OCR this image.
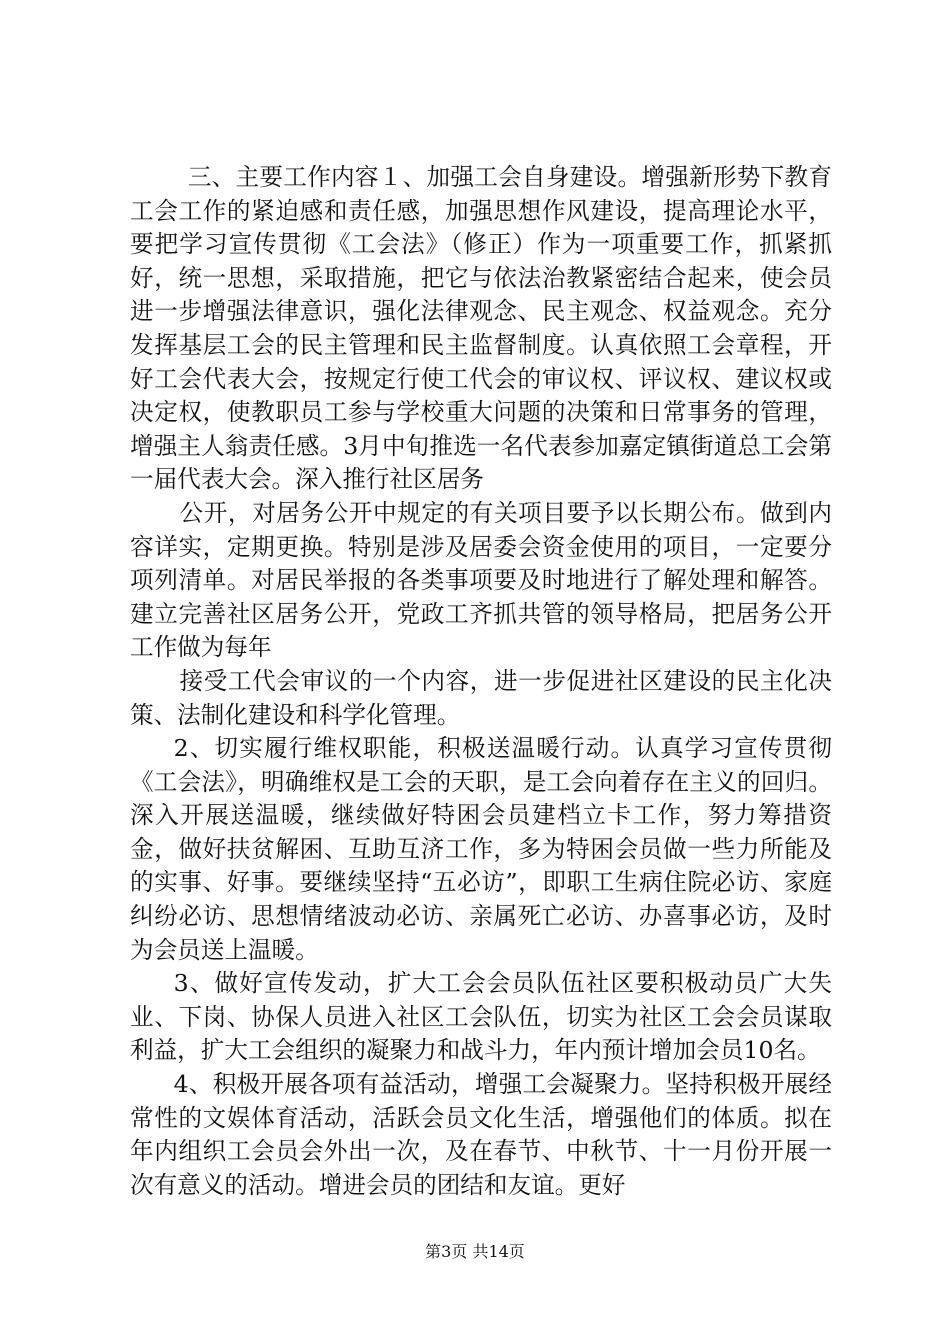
三、主要工作内容１、加强工会自身建设。增强新形势下教育工会工作的紧迫感和责任感，加强思想作风建设，提高理论水平，要把学习宣传贯彻《工会法》（修正）作为一项重要工作，抓紧抓好，统一思想，采取措施，把它与依法治教紧密结合起来，使会员进一步增强法律意识，强化法律观念、民主观念、权益观念。充分发挥基层工会的民主管理和民主监督制度。认真依照工会章程，开好工会代表大会，按规定行使工代会的审议权、评议权、建议权或决定权，使教职员工参与学校重大问题的决策和日常事务的管理，增强主人翁责任感。3月中旬推选一名代表参加嘉定镇街道总工会第一届代表大会。深入推行社区居务

公开，对居务公开中规定的有关项目要予以长期公布。做到内容详实，定期更换。特别是涉及居委会资金使用的项目，一定要分项列清单。对居民举报的各类事项要及时地进行了解处理和解答。建立完善社区居务公开，党政工齐抓共管的领导格局，把居务公开工作做为每年

接受工代会审议的一个内容，进一步促进社区建设的民主化决策、法制化建设和科学化管理。

2、切实履行维权职能，积极送温暖行动。认真学习宣传贯彻《工会法》，明确维权是工会的天职，是工会向着存在主义的回归。深入开展送温暖，继续做好特困会员建档立卡工作，努力筹措资金，做好扶贫解困、互助互济工作，多为特困会员做一些力所能及的实事、好事。要继续坚持“五必访”，即职工生病住院必访、家庭纠纷必访、思想情绪波动必访、亲属死亡必访、办喜事必访，及时为会员送上温暖。

3、做好宣传发动，扩大工会会员队伍社区要积极动员广大失业、下岗、协保人员进入社区工会队伍，切实为社区工会会员谋取利益，扩大工会组织的凝聚力和战斗力，年内预计增加会员10名。

4、积极开展各项有益活动，增强工会凝聚力。坚持积极开展经常性的文娱体育活动，活跃会员文化生活，增强他们的体质。拟在年内组织工会员会外出一次，及在春节、中秋节、十一月份开展一次有意义的活动。增进会员的团结和友谊。更好

第3页 共14页
